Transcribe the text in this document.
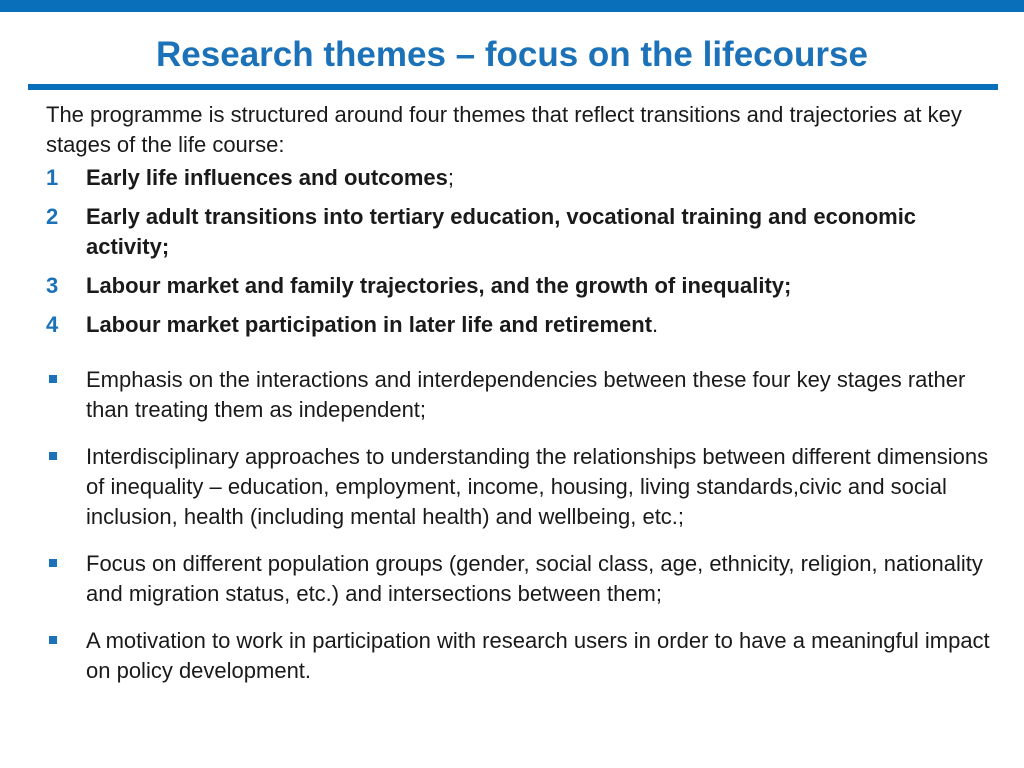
Research themes – focus on the lifecourse

The programme is structured around four themes that reflect transitions and trajectories at key stages of the life course:

1	Early life influences and outcomes;
2	Early adult transitions into tertiary education, vocational training and economic activity;
3	Labour market and family trajectories, and the growth of inequality;
4	Labour market participation in later life and retirement.
Emphasis on the interactions and interdependencies between these four key stages rather than treating them as independent;
Interdisciplinary approaches to understanding the relationships between different dimensions of inequality – education, employment, income, housing, living standards,civic and social inclusion, health (including mental health) and wellbeing, etc.;
Focus on different population groups (gender, social class, age, ethnicity, religion, nationality and migration status, etc.) and intersections between them;
A motivation to work in participation with research users in order to have a meaningful impact on policy development.
